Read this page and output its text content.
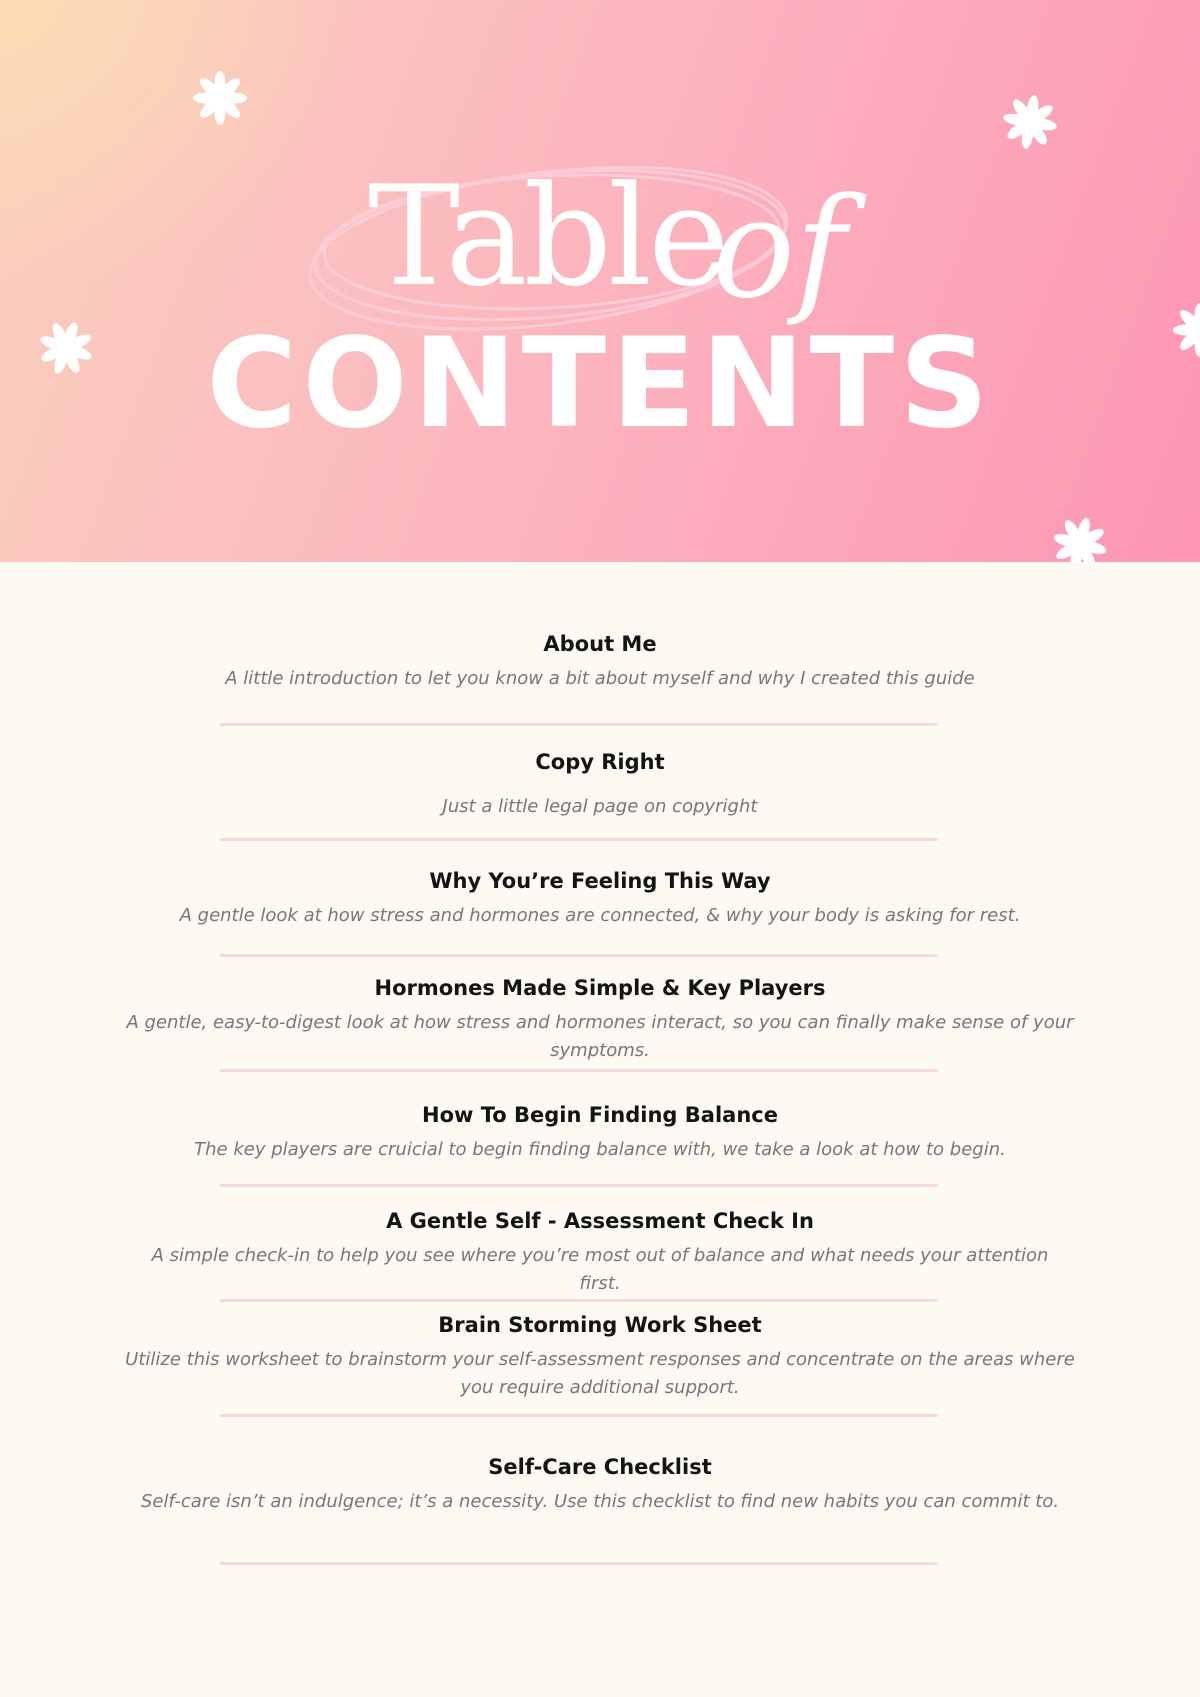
Table
of
CONTENTS
About Me
A little introduction to let you know a bit about myself and why I created this guide
Copy Right
Just a little legal page on copyright
Why You’re Feeling This Way
A gentle look at how stress and hormones are connected, & why your body is asking for rest.
Hormones Made Simple & Key Players
A gentle, easy-to-digest look at how stress and hormones interact, so you can finally make sense of your symptoms.
How To Begin Finding Balance
The key players are cruicial to begin finding balance with, we take a look at how to begin.
A Gentle Self - Assessment Check In
A simple check-in to help you see where you’re most out of balance and what needs your attention first.
Brain Storming Work Sheet
Utilize this worksheet to brainstorm your self-assessment responses and concentrate on the areas where you require additional support.
Self-Care Checklist
Self-care isn’t an indulgence; it’s a necessity. Use this checklist to find new habits you can commit to.
